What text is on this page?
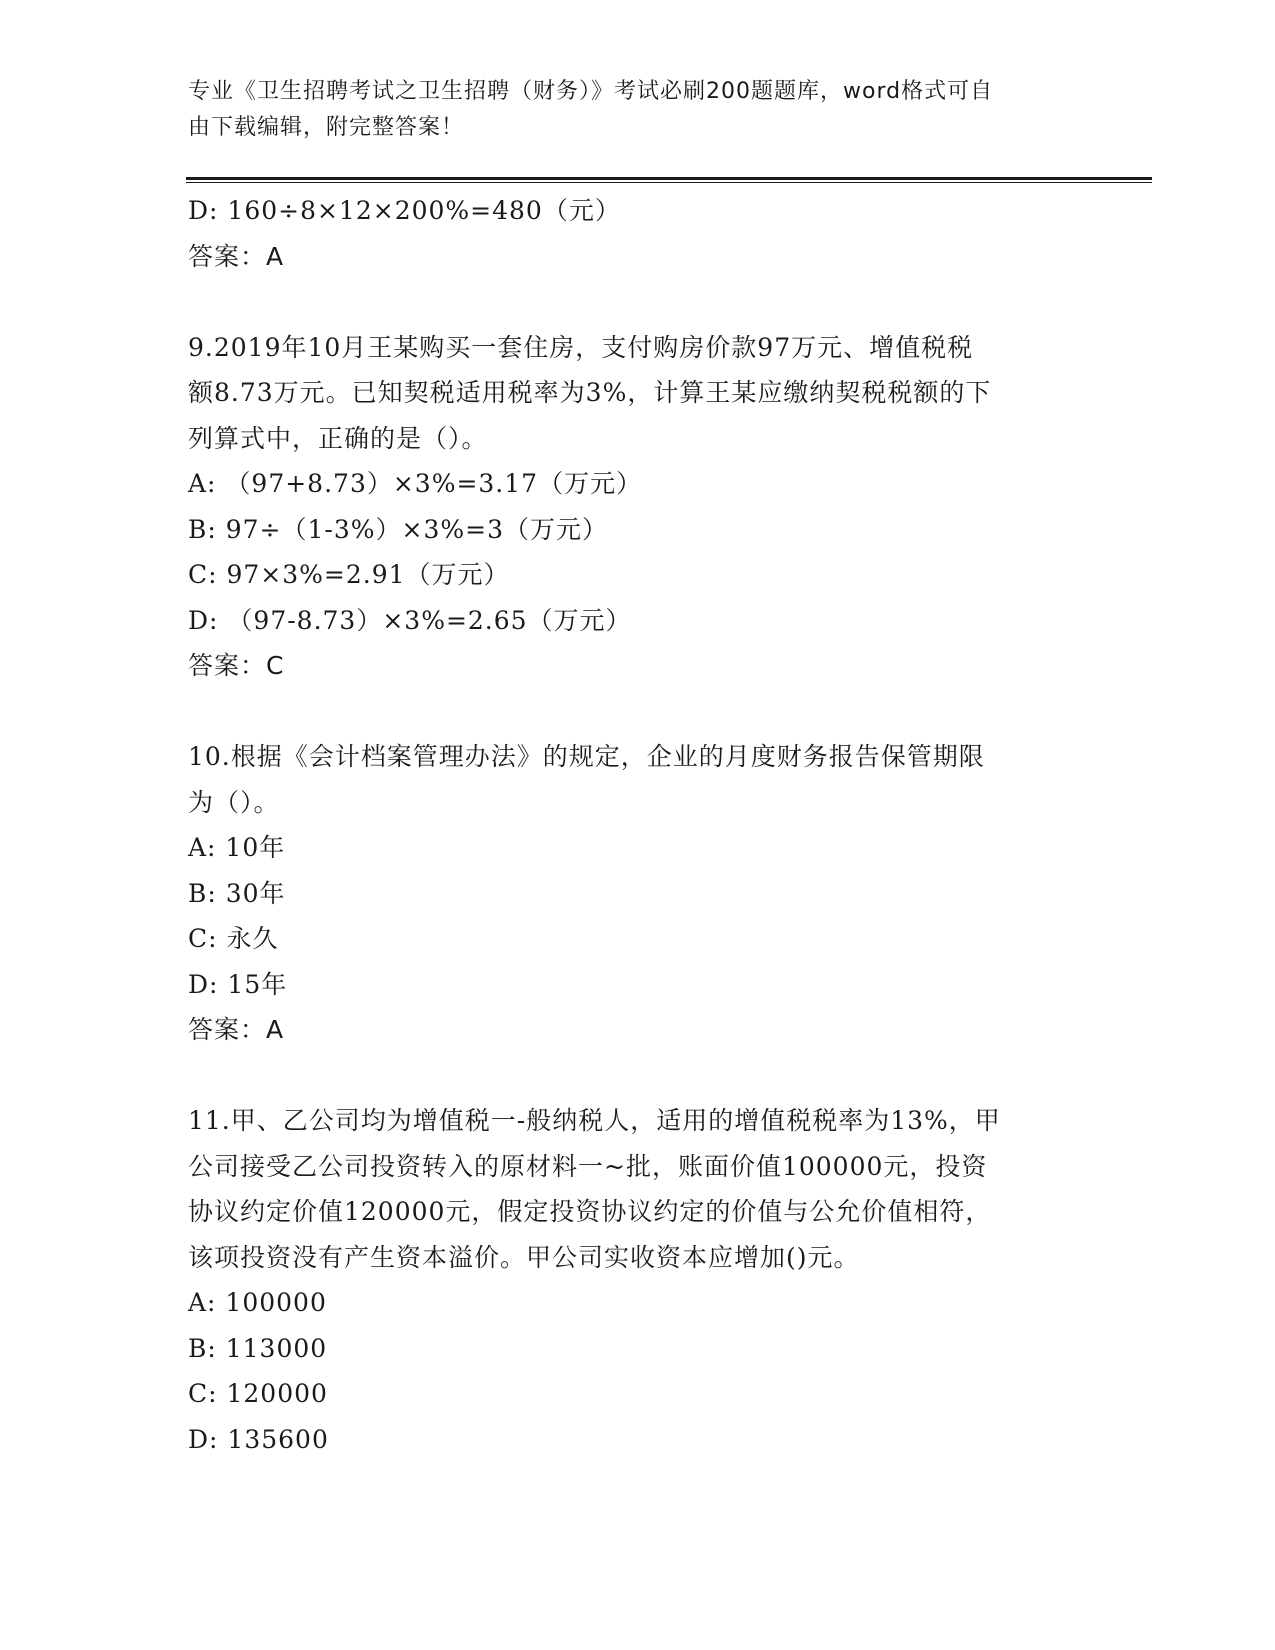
专业《卫生招聘考试之卫生招聘（财务）》考试必刷200题题库，word格式可自
由下载编辑，附完整答案！
D: 160÷8×12×200%=480（元）
答案：A
9.2019年10月王某购买一套住房，支付购房价款97万元、增值税税
额8.73万元。已知契税适用税率为3%，计算王某应缴纳契税税额的下
列算式中，正确的是（）。
A: （97+8.73）×3%=3.17（万元）
B: 97÷（1-3%）×3%=3（万元）
C: 97×3%=2.91（万元）
D: （97-8.73）×3%=2.65（万元）
答案：C
10.根据《会计档案管理办法》的规定，企业的月度财务报告保管期限
为（）。
A: 10年
B: 30年
C: 永久
D: 15年
答案：A
11.甲、乙公司均为增值税一-般纳税人，适用的增值税税率为13%，甲
公司接受乙公司投资转入的原材料一~批，账面价值100000元，投资
协议约定价值120000元，假定投资协议约定的价值与公允价值相符，
该项投资没有产生资本溢价。甲公司实收资本应增加()元。
A: 100000
B: 113000
C: 120000
D: 135600
